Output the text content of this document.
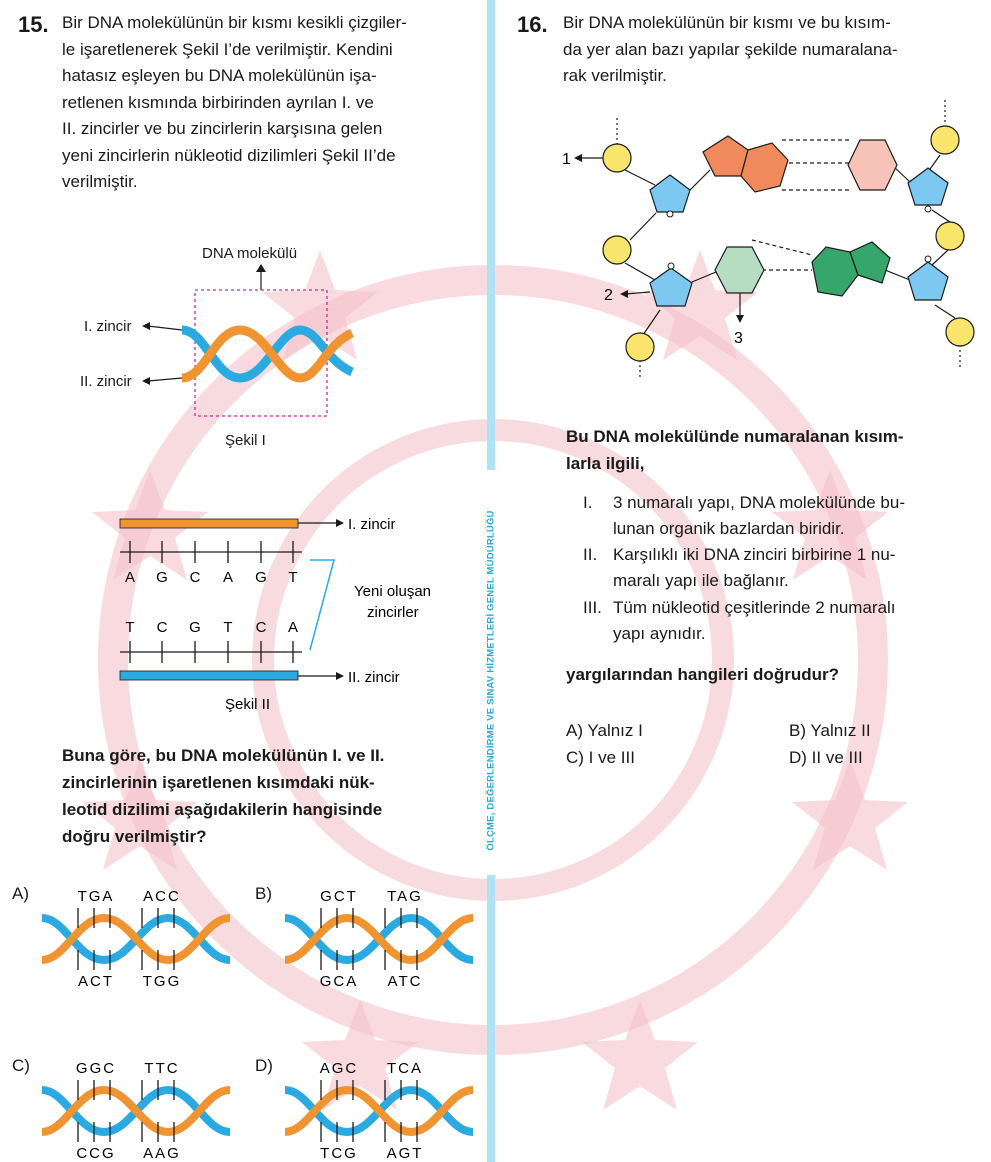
ÖLÇME, DEĞERLENDİRME VE SINAV HİZMETLERİ GENEL MÜDÜRLÜĞÜ
15. Bir DNA molekülünün bir kısmı kesikli çizgiler-
le işaretlenerek Şekil I’de verilmiştir. Kendini
hatasız eşleyen bu DNA molekülünün işa-
retlenen kısmında birbirinden ayrılan I. ve
II. zincirler ve bu zincirlerin karşısına gelen
yeni zincirlerin nükleotid dizilimleri Şekil II’de
verilmiştir.
DNA molekülü
I. zincir
II. zincir
Şekil I
I. zincir
A G C A G T
Yeni oluşan
zincirler
T C G T C A
II. zincir
Şekil II
Buna göre, bu DNA molekülünün I. ve II.
zincirlerinin işaretlenen kısımdaki nük-
leotid dizilimi aşağıdakilerin hangisinde
doğru verilmiştir?
A)	TGA ACC
ACT TGG
B)	GCT TAG
GCA ATC
C)	GGC TTC
CCG AAG
D)	AGC TCA
TCG AGT
16. Bir DNA molekülünün bir kısmı ve bu kısım-
da yer alan bazı yapılar şekilde numaralana-
rak verilmiştir.
1
2
3
Bu DNA molekülünde numaralanan kısım-
larla ilgili,
I. 3 numaralı yapı, DNA molekülünde bu-
lunan organik bazlardan biridir.
II. Karşılıklı iki DNA zinciri birbirine 1 nu-
maralı yapı ile bağlanır.
III. Tüm nükleotid çeşitlerinde 2 numaralı
yapı aynıdır.
yargılarından hangileri doğrudur?
A) Yalnız I	B) Yalnız II
C) I ve III	D) II ve III
